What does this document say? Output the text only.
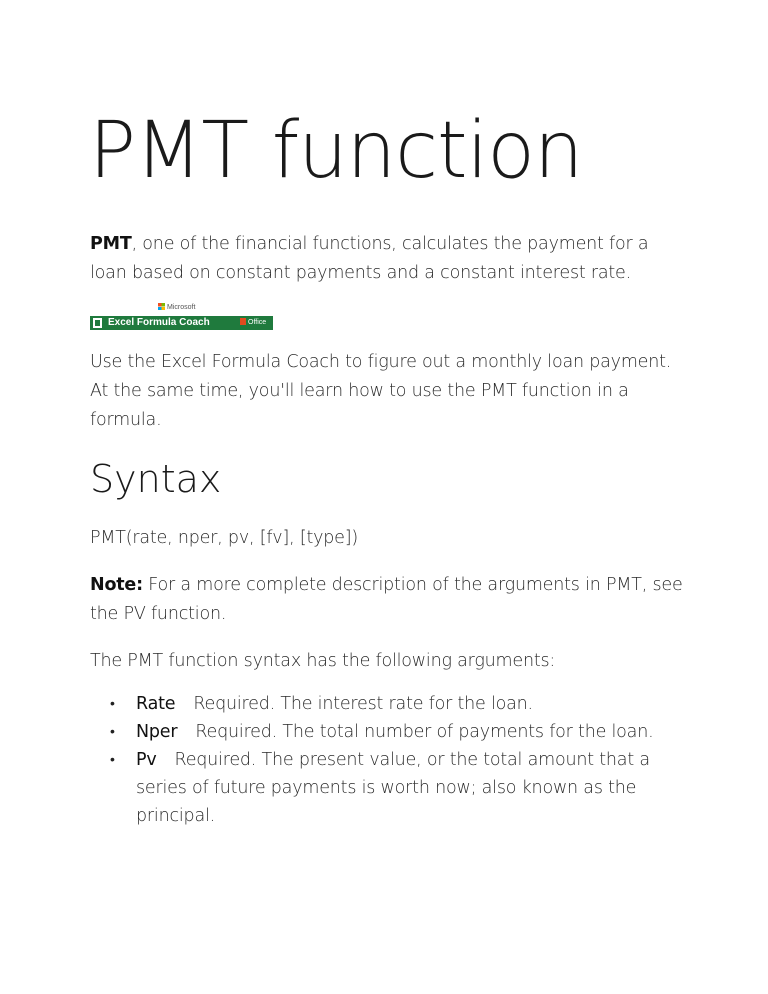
PMT function

PMT, one of the financial functions, calculates the payment for a loan based on constant payments and a constant interest rate.

Microsoft
Excel Formula Coach	Office

Use the Excel Formula Coach to figure out a monthly loan payment. At the same time, you'll learn how to use the PMT function in a formula.

Syntax

PMT(rate, nper, pv, [fv], [type])

Note: For a more complete description of the arguments in PMT, see the PV function.

The PMT function syntax has the following arguments:

• Rate Required. The interest rate for the loan.
• Nper Required. The total number of payments for the loan.
• Pv Required. The present value, or the total amount that a series of future payments is worth now; also known as the principal.
